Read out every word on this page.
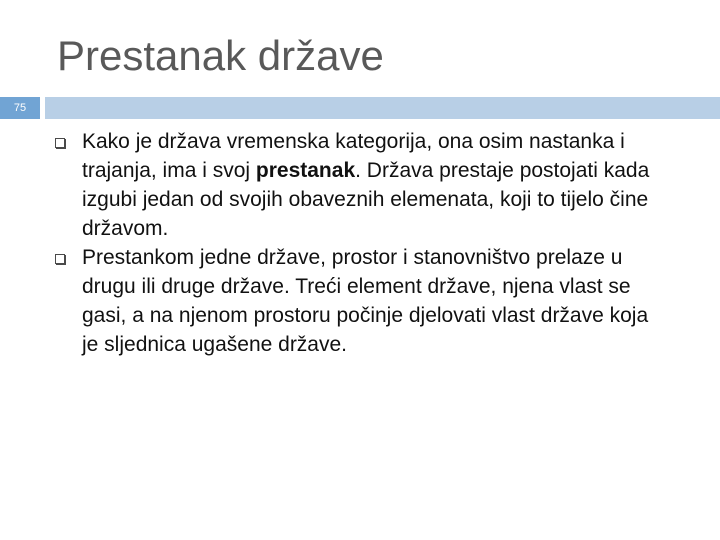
Prestanak države
75
Kako je država vremenska kategorija, ona osim nastanka i trajanja, ima i svoj prestanak. Država prestaje postojati kada izgubi jedan od svojih obaveznih elemenata, koji to tijelo čine državom.
Prestankom jedne države, prostor i stanovništvo prelaze u drugu ili druge države. Treći element države, njena vlast se gasi, a na njenom prostoru počinje djelovati vlast države koja je sljednica ugašene države.
